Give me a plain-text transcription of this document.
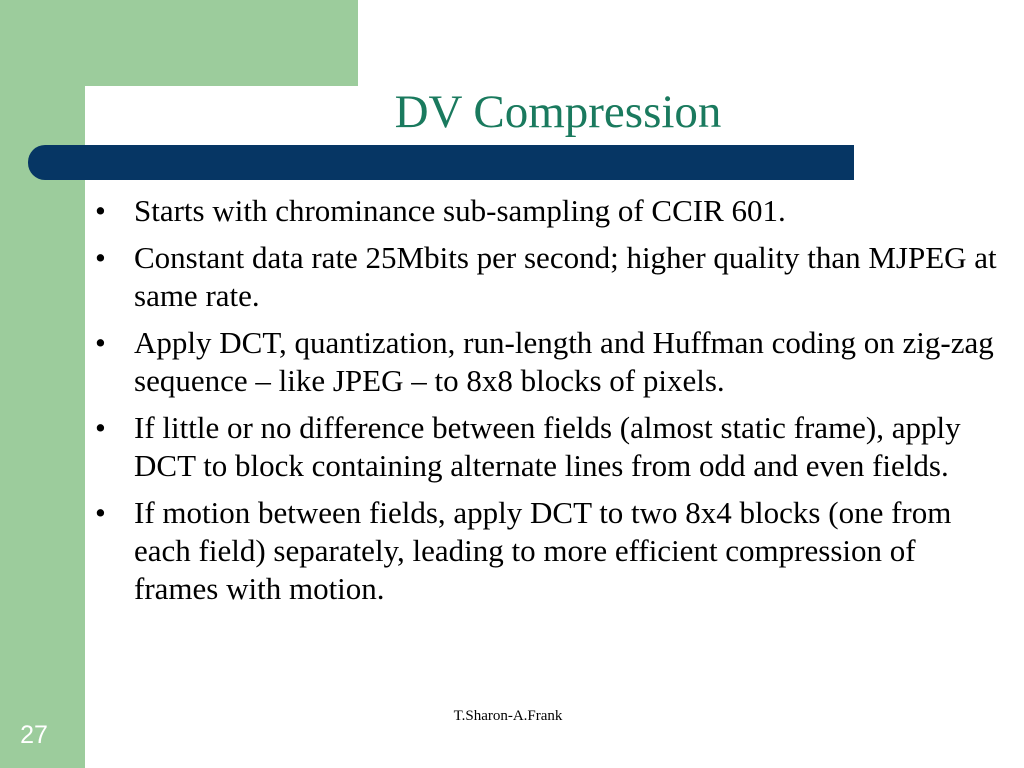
DV Compression
• Starts with chrominance sub-sampling of CCIR 601.
• Constant data rate 25Mbits per second; higher quality than MJPEG at same rate.
• Apply DCT, quantization, run-length and Huffman coding on zig-zag sequence – like JPEG – to 8x8 blocks of pixels.
• If little or no difference between fields (almost static frame), apply DCT to block containing alternate lines from odd and even fields.
• If motion between fields, apply DCT to two 8x4 blocks (one from each field) separately, leading to more efficient compression of frames with motion.
T.Sharon-A.Frank
27
